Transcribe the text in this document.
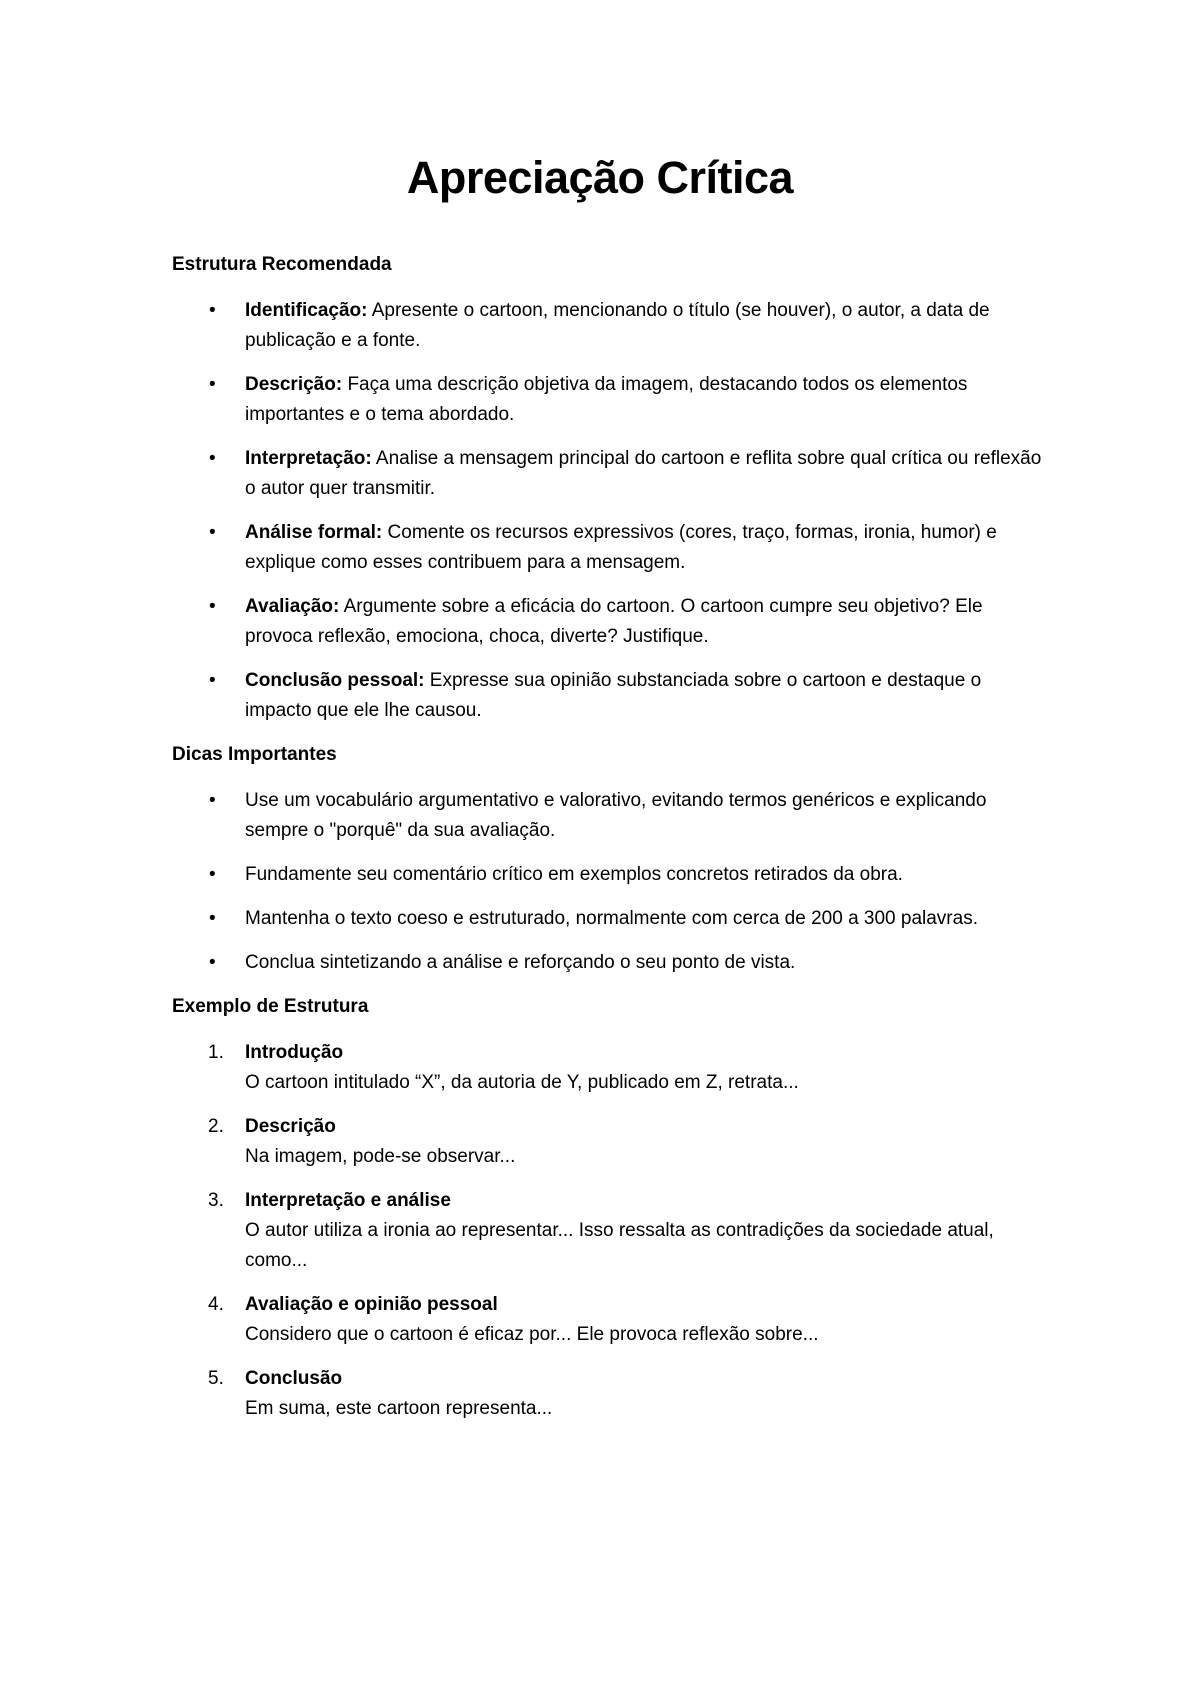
Apreciação Crítica
Estrutura Recomendada
• Identificação: Apresente o cartoon, mencionando o título (se houver), o autor, a data de publicação e a fonte.
• Descrição: Faça uma descrição objetiva da imagem, destacando todos os elementos importantes e o tema abordado.
• Interpretação: Analise a mensagem principal do cartoon e reflita sobre qual crítica ou reflexão o autor quer transmitir.
• Análise formal: Comente os recursos expressivos (cores, traço, formas, ironia, humor) e explique como esses contribuem para a mensagem.
• Avaliação: Argumente sobre a eficácia do cartoon. O cartoon cumpre seu objetivo? Ele provoca reflexão, emociona, choca, diverte? Justifique.
• Conclusão pessoal: Expresse sua opinião substanciada sobre o cartoon e destaque o impacto que ele lhe causou.
Dicas Importantes
• Use um vocabulário argumentativo e valorativo, evitando termos genéricos e explicando sempre o "porquê" da sua avaliação.
• Fundamente seu comentário crítico em exemplos concretos retirados da obra.
• Mantenha o texto coeso e estruturado, normalmente com cerca de 200 a 300 palavras.
• Conclua sintetizando a análise e reforçando o seu ponto de vista.
Exemplo de Estrutura
1. Introdução
O cartoon intitulado “X”, da autoria de Y, publicado em Z, retrata...
2. Descrição
Na imagem, pode-se observar...
3. Interpretação e análise
O autor utiliza a ironia ao representar... Isso ressalta as contradições da sociedade atual, como...
4. Avaliação e opinião pessoal
Considero que o cartoon é eficaz por... Ele provoca reflexão sobre...
5. Conclusão
Em suma, este cartoon representa...
